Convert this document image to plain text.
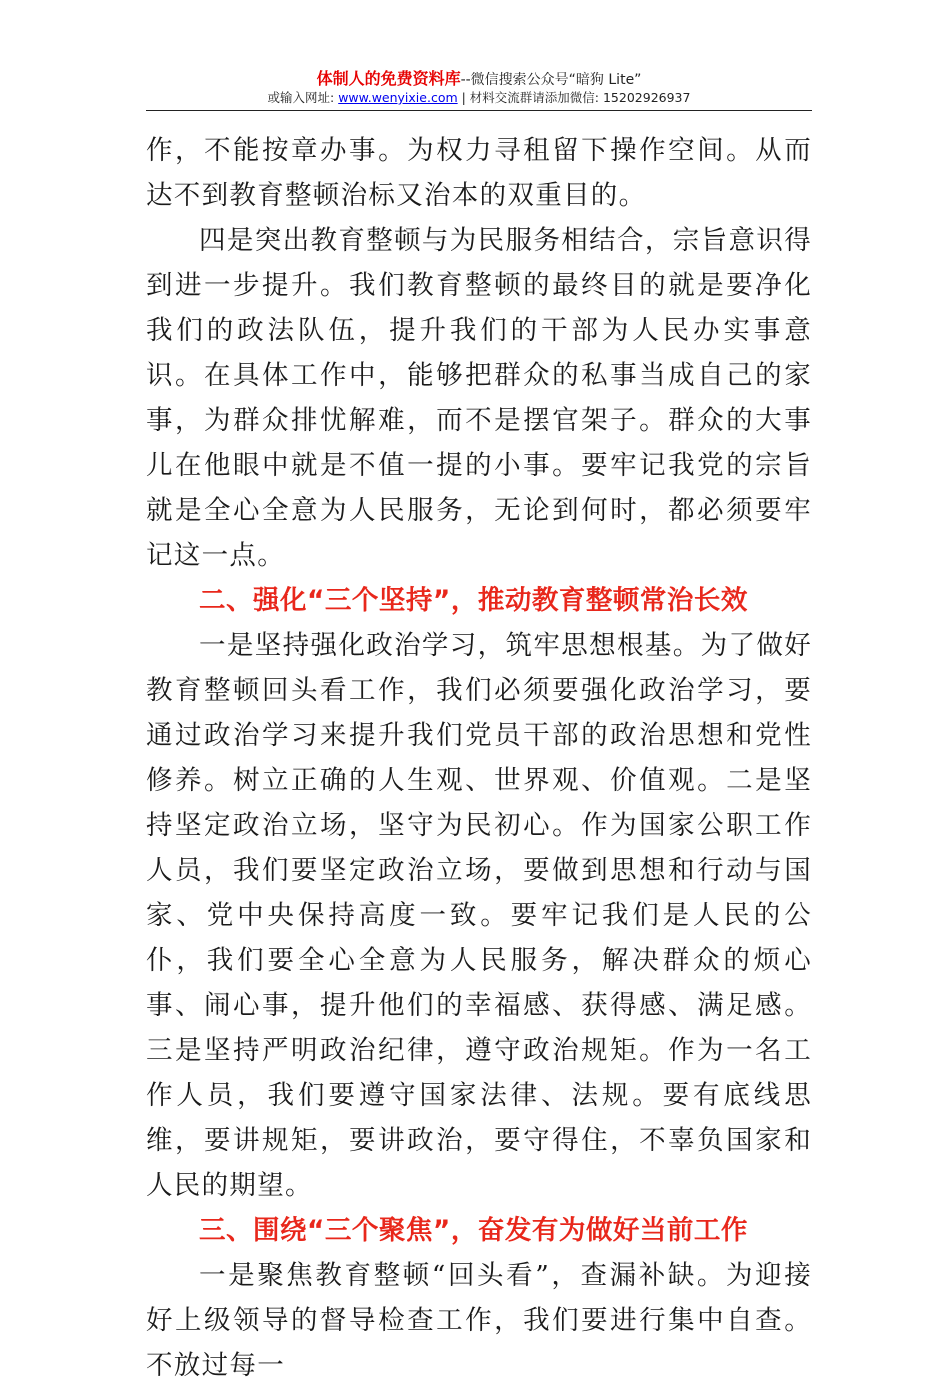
体制人的免费资料库--微信搜索公众号“暗狗 Lite”
或输入网址: www.wenyixie.com | 材料交流群请添加微信: 15202926937

作，不能按章办事。为权力寻租留下操作空间。从而达不到教育整顿治标又治本的双重目的。

四是突出教育整顿与为民服务相结合，宗旨意识得到进一步提升。我们教育整顿的最终目的就是要净化我们的政法队伍，提升我们的干部为人民办实事意识。在具体工作中，能够把群众的私事当成自己的家事，为群众排忧解难，而不是摆官架子。群众的大事儿在他眼中就是不值一提的小事。要牢记我党的宗旨就是全心全意为人民服务，无论到何时，都必须要牢记这一点。

二、强化“三个坚持”，推动教育整顿常治长效

一是坚持强化政治学习，筑牢思想根基。为了做好教育整顿回头看工作，我们必须要强化政治学习，要通过政治学习来提升我们党员干部的政治思想和党性修养。树立正确的人生观、世界观、价值观。二是坚持坚定政治立场，坚守为民初心。作为国家公职工作人员，我们要坚定政治立场，要做到思想和行动与国家、党中央保持高度一致。要牢记我们是人民的公仆，我们要全心全意为人民服务，解决群众的烦心事、闹心事，提升他们的幸福感、获得感、满足感。三是坚持严明政治纪律，遵守政治规矩。作为一名工作人员，我们要遵守国家法律、法规。要有底线思维，要讲规矩，要讲政治，要守得住，不辜负国家和人民的期望。

三、围绕“三个聚焦”，奋发有为做好当前工作

一是聚焦教育整顿“回头看”，查漏补缺。为迎接好上级领导的督导检查工作，我们要进行集中自查。不放过每一
